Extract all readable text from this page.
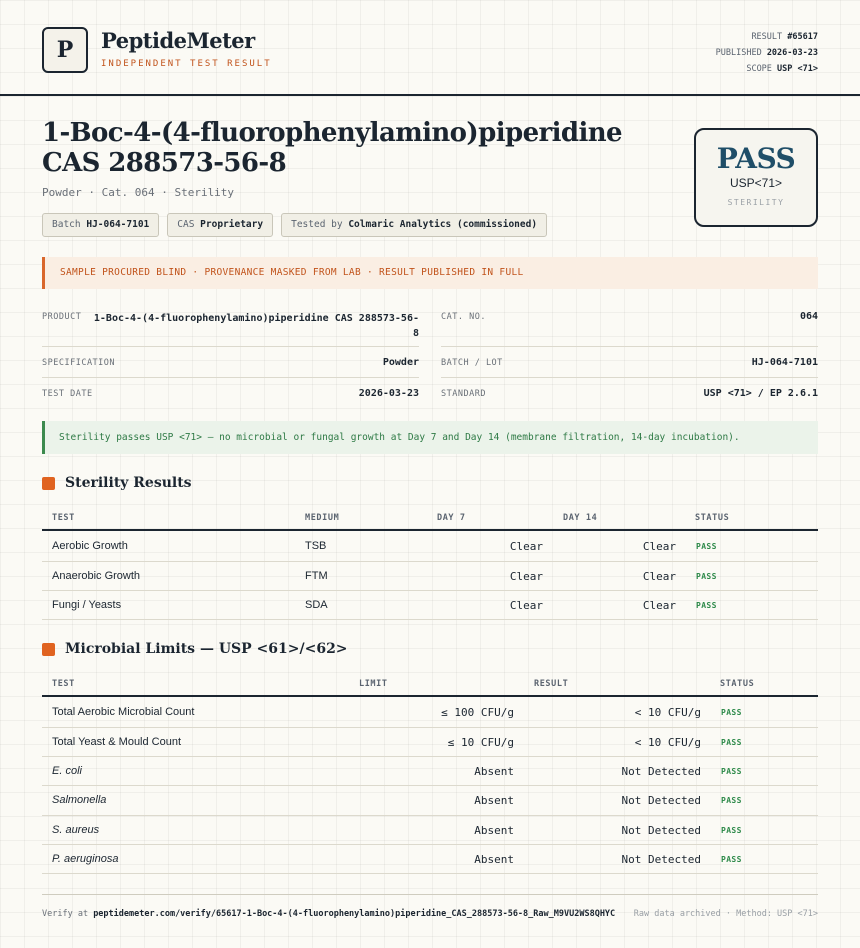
P PeptideMeter
INDEPENDENT TEST RESULT
RESULT #65617
PUBLISHED 2026-03-23
SCOPE USP <71>
1-Boc-4-(4-fluorophenylamino)piperidine CAS 288573-56-8
Powder · Cat. 064 · Sterility
Batch HJ-064-7101	CAS Proprietary	Tested by Colmaric Analytics (commissioned)
PASS
USP<71>
STERILITY
SAMPLE PROCURED BLIND · PROVENANCE MASKED FROM LAB · RESULT PUBLISHED IN FULL
PRODUCT	1-Boc-4-(4-fluorophenylamino)piperidine CAS 288573-56-
8
CAT. NO.	064
SPECIFICATION	Powder	BATCH / LOT	HJ-064-7101
TEST DATE	2026-03-23	STANDARD	USP <71> / EP 2.6.1
Sterility passes USP <71> — no microbial or fungal growth at Day 7 and Day 14 (membrane filtration, 14-day incubation).
Sterility Results
TEST	MEDIUM	DAY 7	DAY 14	STATUS
Aerobic Growth	TSB	Clear	Clear	PASS
Anaerobic Growth	FTM	Clear	Clear	PASS
Fungi / Yeasts	SDA	Clear	Clear	PASS
Microbial Limits — USP <61>/<62>
TEST	LIMIT	RESULT	STATUS
Total Aerobic Microbial Count	≤ 100 CFU/g	< 10 CFU/g	PASS
Total Yeast & Mould Count	≤ 10 CFU/g	< 10 CFU/g	PASS
E. coli	Absent	Not Detected	PASS
Salmonella	Absent	Not Detected	PASS
S. aureus	Absent	Not Detected	PASS
P. aeruginosa	Absent	Not Detected	PASS
Verify at peptidemeter.com/verify/65617-1-Boc-4-(4-fluorophenylamino)piperidine_CAS_288573-56-8_Raw_M9VU2WS8QHYC Raw data archived · Method: USP <71>
